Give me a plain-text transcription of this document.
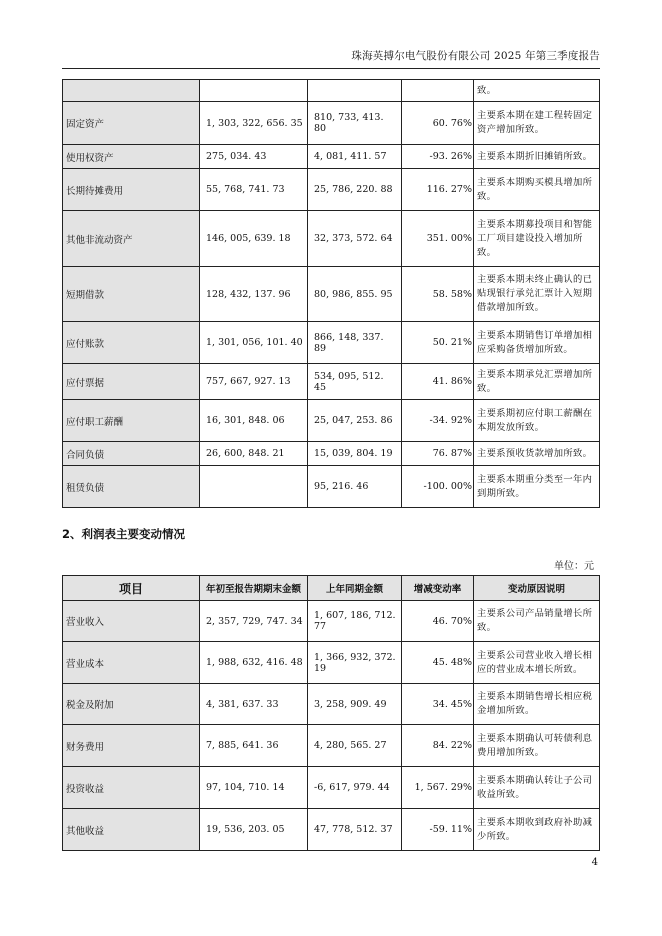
珠海英搏尔电气股份有限公司 2025 年第三季度报告
				致。
固定资产	1, 303, 322, 656. 35	810, 733, 413. 80	60. 76%	主要系本期在建工程转固定资产增加所致。
使用权资产	275, 034. 43	4, 081, 411. 57	-93. 26%	主要系本期折旧摊销所致。
长期待摊费用	55, 768, 741. 73	25, 786, 220. 88	116. 27%	主要系本期购买模具增加所致。
其他非流动资产	146, 005, 639. 18	32, 373, 572. 64	351. 00%	主要系本期募投项目和智能工厂项目建设投入增加所致。
短期借款	128, 432, 137. 96	80, 986, 855. 95	58. 58%	主要系本期未终止确认的已贴现银行承兑汇票计入短期借款增加所致。
应付账款	1, 301, 056, 101. 40	866, 148, 337. 89	50. 21%	主要系本期销售订单增加相应采购备货增加所致。
应付票据	757, 667, 927. 13	534, 095, 512. 45	41. 86%	主要系本期承兑汇票增加所致。
应付职工薪酬	16, 301, 848. 06	25, 047, 253. 86	-34. 92%	主要系期初应付职工薪酬在本期发放所致。
合同负债	26, 600, 848. 21	15, 039, 804. 19	76. 87%	主要系预收货款增加所致。
租赁负债		95, 216. 46	-100. 00%	主要系本期重分类至一年内到期所致。
2、利润表主要变动情况
单位：元
项目	年初至报告期期末金额	上年同期金额	增减变动率	变动原因说明
营业收入	2, 357, 729, 747. 34	1, 607, 186, 712. 77	46. 70%	主要系公司产品销量增长所致。
营业成本	1, 988, 632, 416. 48	1, 366, 932, 372. 19	45. 48%	主要系公司营业收入增长相应的营业成本增长所致。
税金及附加	4, 381, 637. 33	3, 258, 909. 49	34. 45%	主要系本期销售增长相应税金增加所致。
财务费用	7, 885, 641. 36	4, 280, 565. 27	84. 22%	主要系本期确认可转债利息费用增加所致。
投资收益	97, 104, 710. 14	-6, 617, 979. 44	1, 567. 29%	主要系本期确认转让子公司收益所致。
其他收益	19, 536, 203. 05	47, 778, 512. 37	-59. 11%	主要系本期收到政府补助减少所致。
4
